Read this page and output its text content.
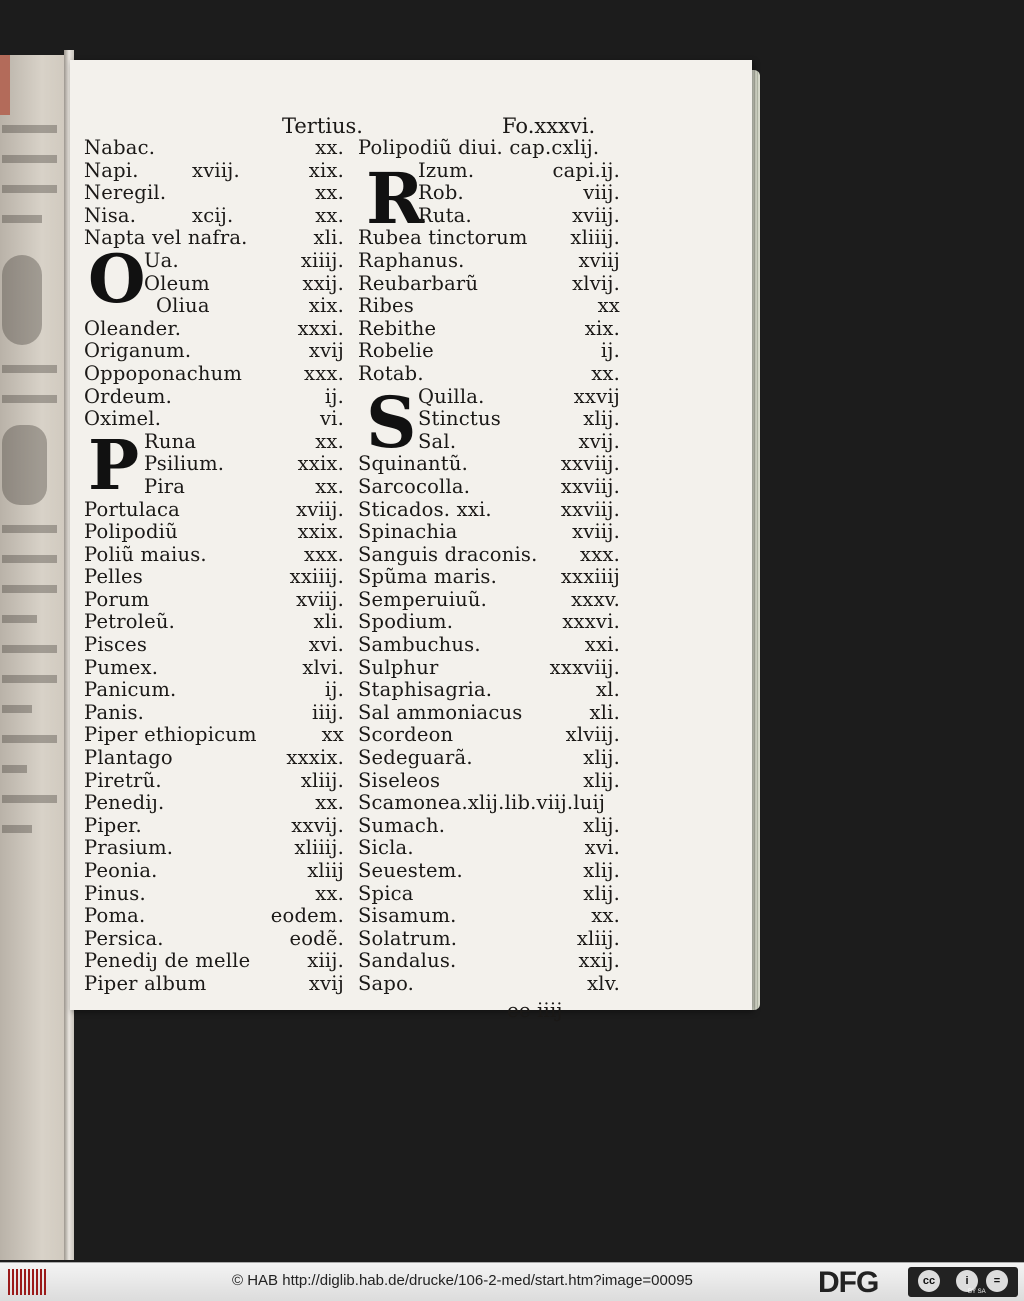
Tertius.	Fo.xxxvi.
O
P
R
S
Nabac.	xx.
Napi.	xviij.	xix.
Neregil.	xx.
Nisa.	xcij.	xx.
Napta vel nafra.	xli.
Ua.	xiiij.
Oleum	xxij.
Oliua	xix.
Oleander.	xxxi.
Origanum.	xvij
Oppoponachum	xxx.
Ordeum.	ij.
Oximel.	vi.
Runa	xx.
Psilium.	xxix.
Pira	xx.
Portulaca	xviij.
Polipodiũ	xxix.
Poliũ maius.	xxx.
Pelles	xxiiij.
Porum	xviij.
Petroleũ.	xli.
Pisces	xvi.
Pumex.	xlvi.
Panicum.	ij.
Panis.	iiij.
Piper ethiopicum	xx
Plantago	xxxix.
Piretrũ.	xliij.
Penediȷ.	xx.
Piper.	xxvij.
Prasium.	xliiij.
Peonia.	xliij
Pinus.	xx.
Poma.	eodem.
Persica.	eodẽ.
Penediȷ de melle	xiij.
Piper album	xvij
Polipodiũ diui. cap.cxlij.
Izum.	capi.ij.
Rob.	viij.
Ruta.	xviij.
Rubea tinctorum xliiij.
Raphanus.	xviij
Reubarbarũ	xlvij.
Ribes	xx
Rebithe	xix.
Robelie	ij.
Rotab.	xx.
Quilla.	xxvij
Stinctus	xlij.
Sal.	xvij.
Squinantũ.	xxviij.
Sarcocolla.	xxviij.
Sticados. xxi.	xxviij.
Spinachia	xviij.
Sanguis draconis. xxx.
Spũma maris.	xxxiiij
Semperuiuũ.	xxxv.
Spodium.	xxxvi.
Sambuchus.	xxi.
Sulphur	xxxviij.
Staphisagria.	xl.
Sal ammoniacus	xli.
Scordeon	xlviij.
Sedeguarã.	xlij.
Siseleos	xlij.
Scamonea.xlij.lib.viij.luij
Sumach.	xlij.
Sicla.	xvi.
Seuestem.	xlij.
Spica	xlij.
Sisamum.	xx.
Solatrum.	xliij.
Sandalus.	xxij.
Sapo.	xlv.
ee iiij
© HAB http://diglib.hab.de/drucke/106-2-med/start.htm?image=00095	DFG	cc	i	=
BY SA
